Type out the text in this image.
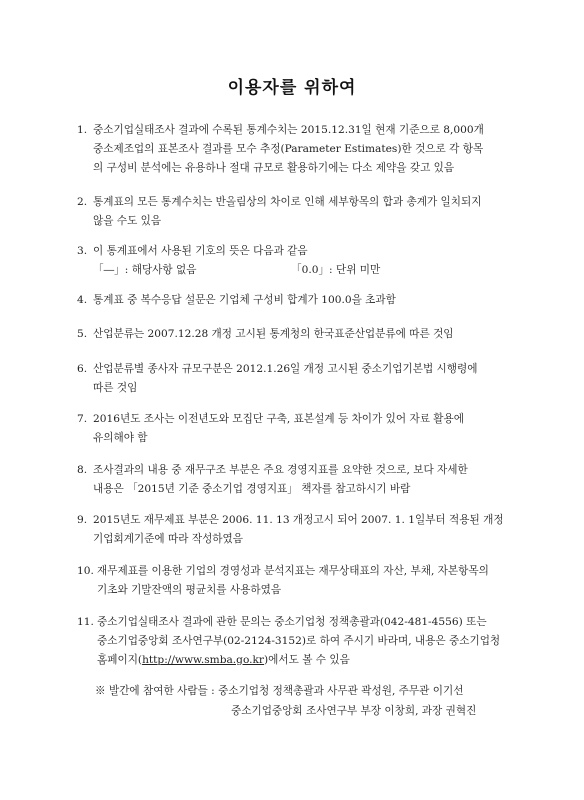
이용자를 위하여
1. 중소기업실태조사 결과에 수록된 통계수치는 2015.12.31일 현재 기준으로 8,000개
중소제조업의 표본조사 결과를 모수 추정(Parameter Estimates)한 것으로 각 항목
의 구성비 분석에는 유용하나 절대 규모로 활용하기에는 다소 제약을 갖고 있음
2. 통계표의 모든 통계수치는 반올림상의 차이로 인해 세부항목의 합과 총계가 일치되지
않을 수도 있음
3. 이 통계표에서 사용된 기호의 뜻은 다음과 같음
「―」: 해당사항 없음	「0.0」: 단위 미만
4. 통계표 중 복수응답 설문은 기업체 구성비 합계가 100.0을 초과함
5. 산업분류는 2007.12.28 개정 고시된 통계청의 한국표준산업분류에 따른 것임
6. 산업분류별 종사자 규모구분은 2012.1.26일 개정 고시된 중소기업기본법 시행령에
따른 것임
7. 2016년도 조사는 이전년도와 모집단 구축, 표본설계 등 차이가 있어 자료 활용에
유의해야 함
8. 조사결과의 내용 중 재무구조 부분은 주요 경영지표를 요약한 것으로, 보다 자세한
내용은 「2015년 기준 중소기업 경영지표」 책자를 참고하시기 바람
9. 2015년도 재무제표 부분은 2006. 11. 13 개정고시 되어 2007. 1. 1일부터 적용된 개정
기업회계기준에 따라 작성하였음
10. 재무제표를 이용한 기업의 경영성과 분석지표는 재무상태표의 자산, 부채, 자본항목의
기초와 기말잔액의 평균치를 사용하였음
11. 중소기업실태조사 결과에 관한 문의는 중소기업청 정책총괄과(042-481-4556) 또는
중소기업중앙회 조사연구부(02-2124-3152)로 하여 주시기 바라며, 내용은 중소기업청
홈페이지(http://www.smba.go.kr)에서도 볼 수 있음
※ 발간에 참여한 사람들 : 중소기업청 정책총괄과 사무관 곽성원, 주무관 이기선
중소기업중앙회 조사연구부 부장 이창희, 과장 권혁진
